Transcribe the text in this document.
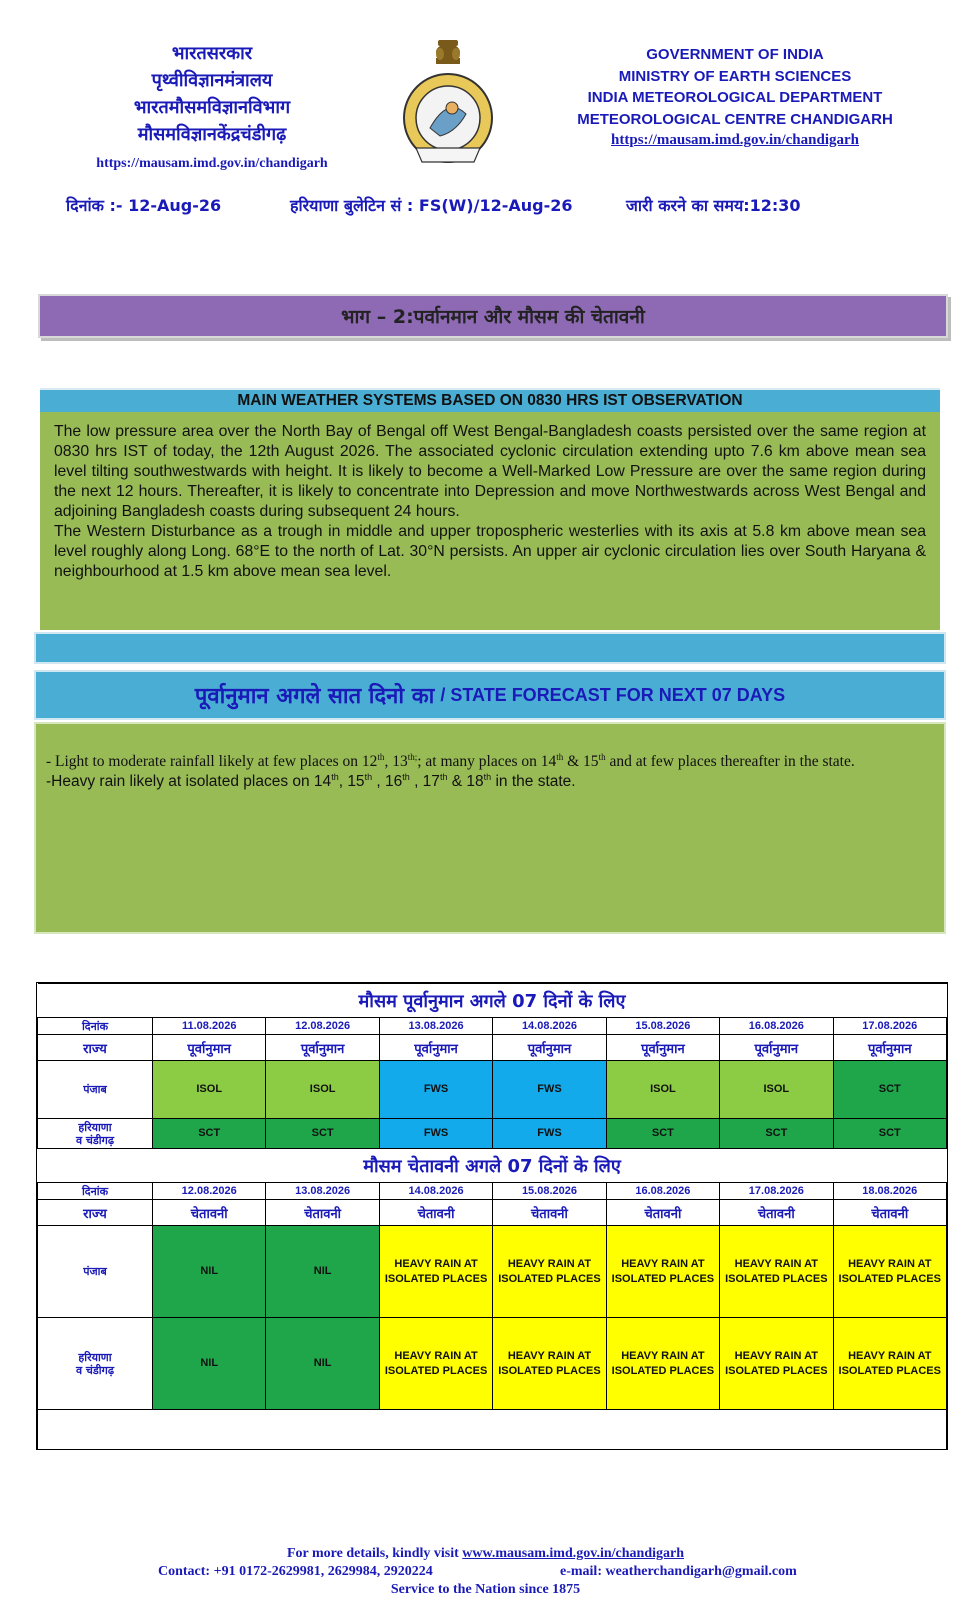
भारतसरकार
पृथ्वीविज्ञानमंत्रालय
भारतमौसमविज्ञानविभाग
मौसमविज्ञानकेंद्रचंडीगढ़
https://mausam.imd.gov.in/chandigarh
GOVERNMENT OF INDIA
MINISTRY OF EARTH SCIENCES
INDIA METEOROLOGICAL DEPARTMENT
METEOROLOGICAL CENTRE CHANDIGARH
https://mausam.imd.gov.in/chandigarh
दिनांक :- 12-Aug-26	हरियाणा बुलेटिन सं : FS(W)/12-Aug-26	जारी करने का समय:12:30
भाग – 2:पर्वानमान और मौसम की चेतावनी
MAIN WEATHER SYSTEMS BASED ON 0830 HRS IST OBSERVATION
The low pressure area over the North Bay of Bengal off West Bengal-Bangladesh coasts persisted over the same region at 0830 hrs IST of today, the 12th August 2026. The associated cyclonic circulation extending upto 7.6 km above mean sea level tilting southwestwards with height. It is likely to become a Well-Marked Low Pressure are over the same region during the next 12 hours. Thereafter, it is likely to concentrate into Depression and move Northwestwards across West Bengal and adjoining Bangladesh coasts during subsequent 24 hours.
The Western Disturbance as a trough in middle and upper tropospheric westerlies with its axis at 5.8 km above mean sea level roughly along Long. 68°E to the north of Lat. 30°N persists. An upper air cyclonic circulation lies over South Haryana & neighbourhood at 1.5 km above mean sea level.
पूर्वानुमान अगले सात दिनो का / STATE FORECAST FOR NEXT 07 DAYS
- Light to moderate rainfall likely at few places on 12th, $13^{th;}$; at many places on 14th & 15th and at few places thereafter in the state.
-Heavy rain likely at isolated places on 14th, 15th , 16th , 17th & 18th in the state.
मौसम पूर्वानुमान अगले 07 दिनों के लिए							
दिनांक	11.08.2026	12.08.2026	13.08.2026	14.08.2026	15.08.2026	16.08.2026	17.08.2026
राज्य	पूर्वानुमान	पूर्वानुमान	पूर्वानुमान	पूर्वानुमान	पूर्वानुमान	पूर्वानुमान	पूर्वानुमान
पंजाब	ISOL	ISOL	FWS	FWS	ISOL	ISOL	SCT

हरियाणा
व चंडीगढ़	SCT	SCT	FWS	FWS	SCT	SCT	SCT
मौसम चेतावनी अगले 07 दिनों के लिए							
दिनांक	12.08.2026	13.08.2026	14.08.2026	15.08.2026	16.08.2026	17.08.2026	18.08.2026
राज्य	चेतावनी	चेतावनी	चेतावनी	चेतावनी	चेतावनी	चेतावनी	चेतावनी
पंजाब	NIL	NIL	HEAVY RAIN AT ISOLATED PLACES	HEAVY RAIN AT ISOLATED PLACES	HEAVY RAIN AT ISOLATED PLACES	HEAVY RAIN AT ISOLATED PLACES	HEAVY RAIN AT ISOLATED PLACES

हरियाणा
व चंडीगढ़	NIL	NIL	HEAVY RAIN AT ISOLATED PLACES	HEAVY RAIN AT ISOLATED PLACES	HEAVY RAIN AT ISOLATED PLACES	HEAVY RAIN AT ISOLATED PLACES	HEAVY RAIN AT ISOLATED PLACES

For more details, kindly visit www.mausam.imd.gov.in/chandigarh
Contact: +91 0172-2629981, 2629984, 2920224	e-mail: weatherchandigarh@gmail.com
Service to the Nation since 1875
